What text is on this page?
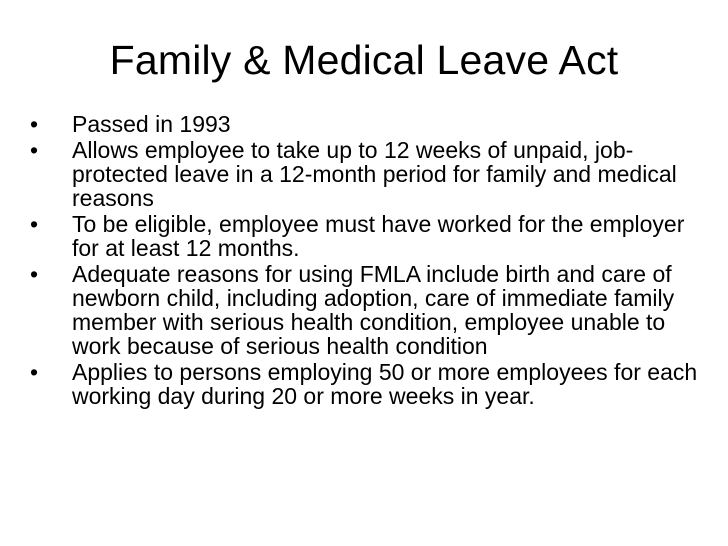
Family & Medical Leave Act
•	Passed in 1993
•	Allows employee to take up to 12 weeks of unpaid, job-protected leave in a 12-month period for family and medical reasons
•	To be eligible, employee must have worked for the employer for at least 12 months.
•	Adequate reasons for using FMLA include birth and care of newborn child, including adoption, care of immediate family member with serious health condition, employee unable to work because of serious health condition
•	Applies to persons employing 50 or more employees for each working day during 20 or more weeks in year.
